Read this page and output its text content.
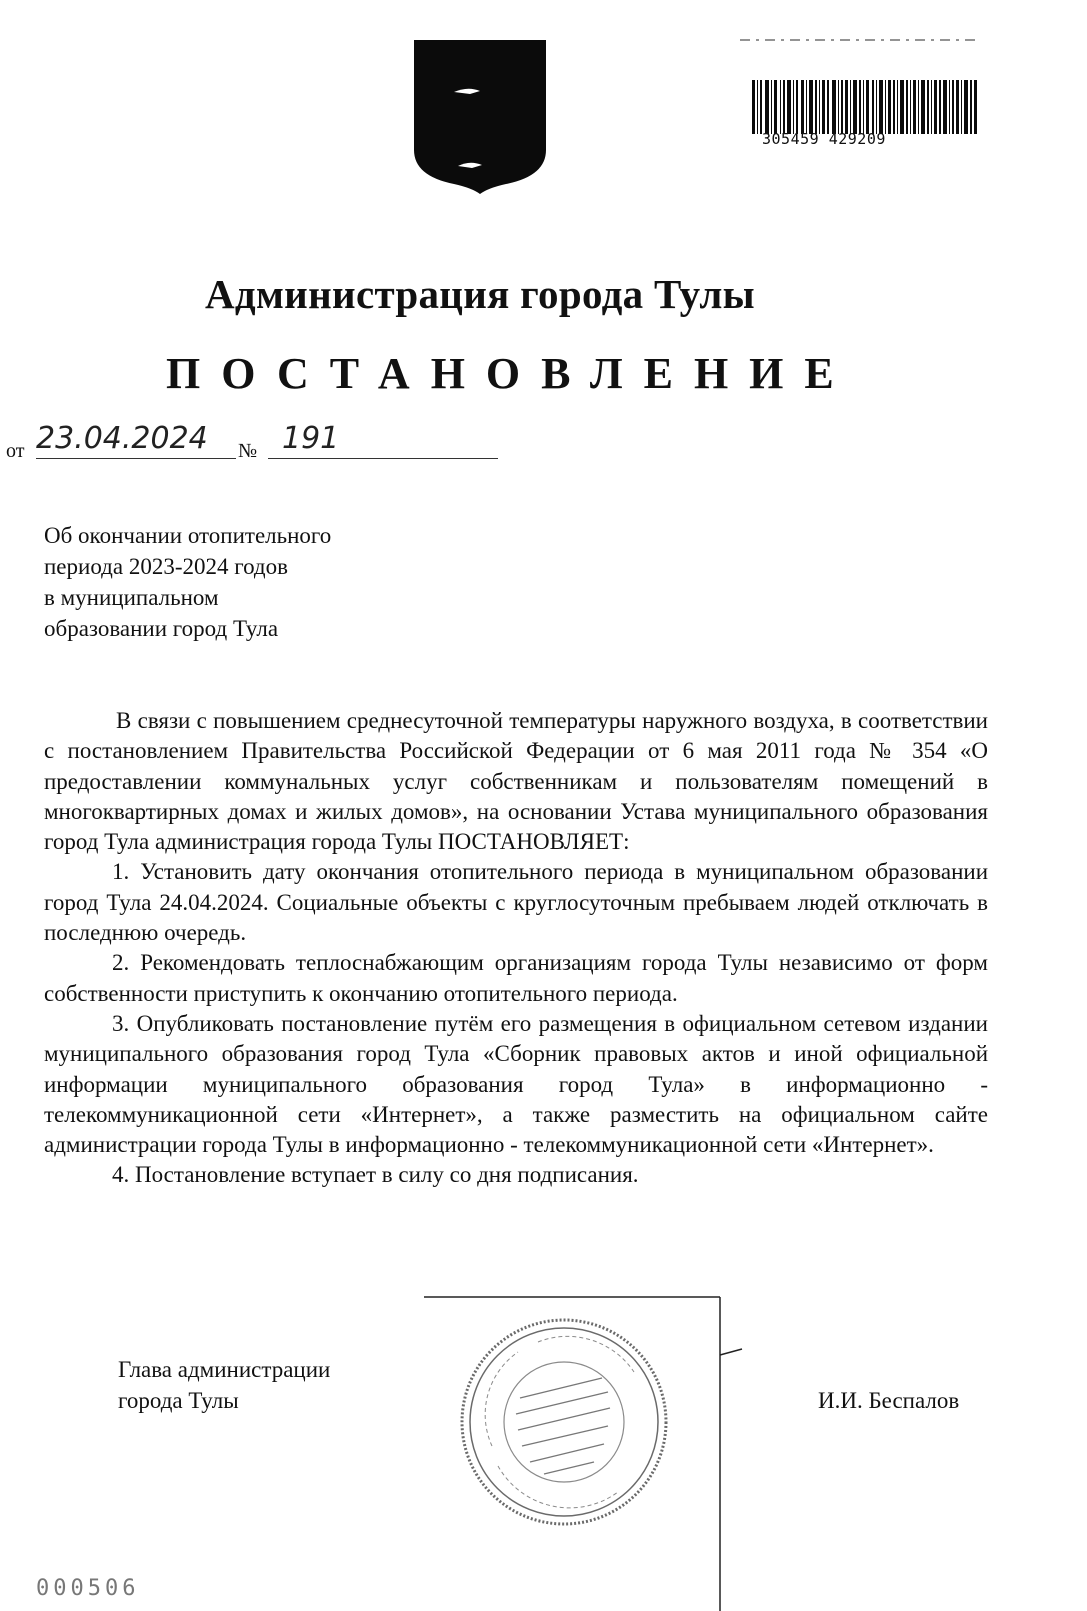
305459 429209
Администрация города Тулы
ПОСТАНОВЛЕНИЕ
от 23.04.2024	№ 191
Об окончании отопительного
периода 2023-2024 годов
в муниципальном
образовании город Тула

В связи с повышением среднесуточной температуры наружного воздуха, в соответствии с постановлением Правительства Российской Федерации от 6 мая 2011 года № 354 «О предоставлении коммунальных услуг собственникам и пользователям помещений в многоквартирных домах и жилых домов», на основании Устава муниципального образования город Тула администрация города Тулы ПОСТАНОВЛЯЕТ:

1. Установить дату окончания отопительного периода в муниципальном образовании город Тула 24.04.2024. Социальные объекты с круглосуточным пребываем людей отключать в последнюю очередь.

2. Рекомендовать теплоснабжающим организациям города Тулы независимо от форм собственности приступить к окончанию отопительного периода.

3. Опубликовать постановление путём его размещения в официальном сетевом издании муниципального образования город Тула «Сборник правовых актов и иной официальной информации муниципального образования город Тула» в информационно - телекоммуникационной сети «Интернет», а также разместить на официальном сайте администрации города Тулы в информационно - телекоммуникационной сети «Интернет».

4. Постановление вступает в силу со дня подписания.

Глава администрации
города Тулы	И.И. Беспалов
000506
